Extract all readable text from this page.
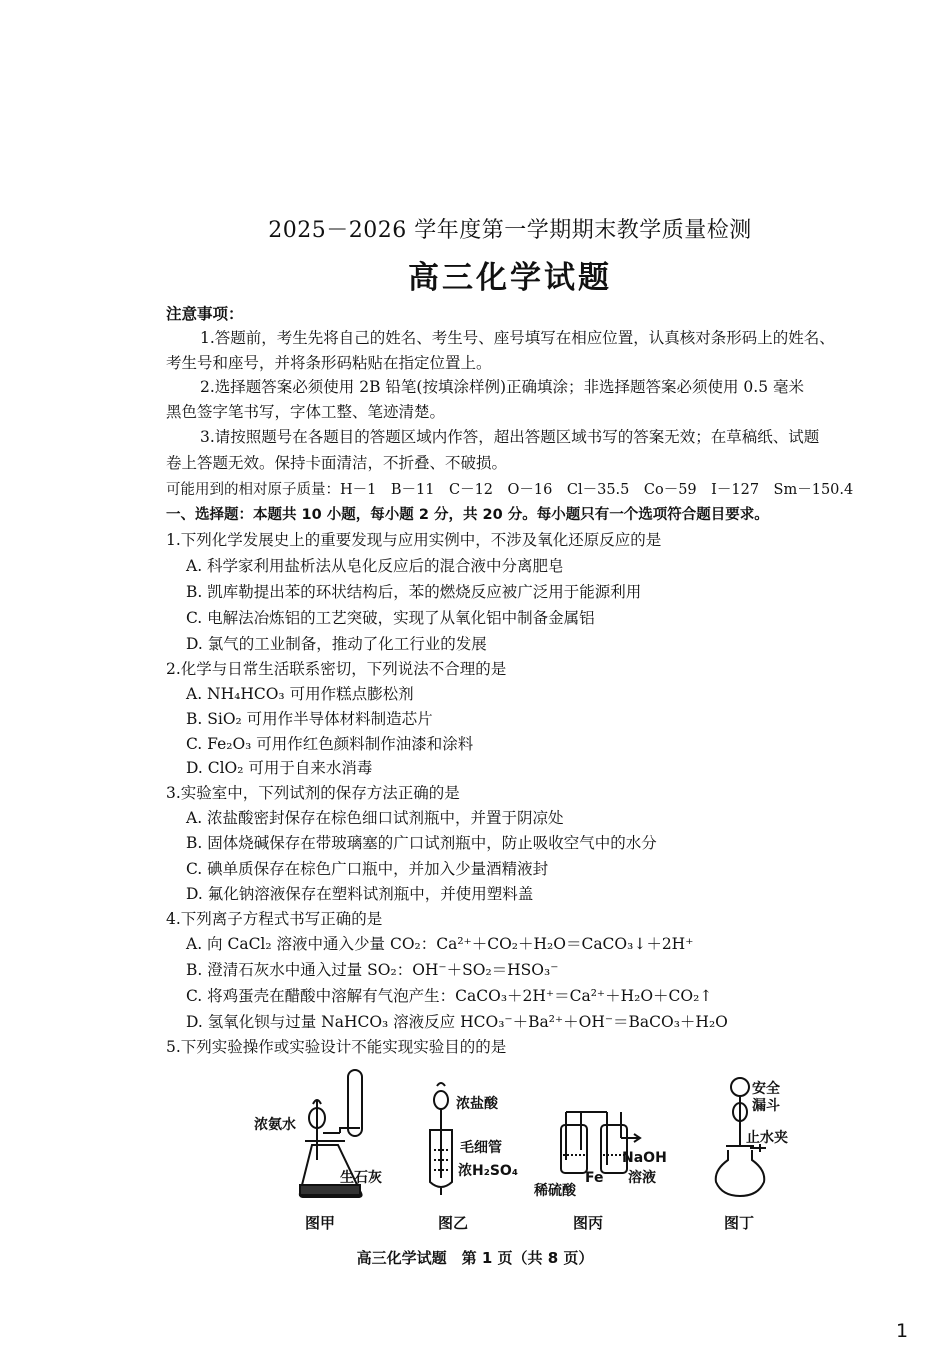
2025－2026 学年度第一学期期末教学质量检测
高三化学试题
注意事项：
1.答题前，考生先将自己的姓名、考生号、座号填写在相应位置，认真核对条形码上的姓名、
考生号和座号，并将条形码粘贴在指定位置上。
2.选择题答案必须使用 2B 铅笔(按填涂样例)正确填涂；非选择题答案必须使用 0.5 毫米
黑色签字笔书写，字体工整、笔迹清楚。
3.请按照题号在各题目的答题区域内作答，超出答题区域书写的答案无效；在草稿纸、试题
卷上答题无效。保持卡面清洁，不折叠、不破损。
可能用到的相对原子质量：H－1　B－11　C－12　O－16　Cl－35.5　Co－59　I－127　Sm－150.4
一、选择题：本题共 10 小题，每小题 2 分，共 20 分。每小题只有一个选项符合题目要求。
1.下列化学发展史上的重要发现与应用实例中，不涉及氧化还原反应的是
A. 科学家利用盐析法从皂化反应后的混合液中分离肥皂
B. 凯库勒提出苯的环状结构后，苯的燃烧反应被广泛用于能源利用
C. 电解法冶炼铝的工艺突破，实现了从氧化铝中制备金属铝
D. 氯气的工业制备，推动了化工行业的发展
2.化学与日常生活联系密切，下列说法不合理的是
A. NH₄HCO₃ 可用作糕点膨松剂
B. SiO₂ 可用作半导体材料制造芯片
C. Fe₂O₃ 可用作红色颜料制作油漆和涂料
D. ClO₂ 可用于自来水消毒
3.实验室中，下列试剂的保存方法正确的是
A. 浓盐酸密封保存在棕色细口试剂瓶中，并置于阴凉处
B. 固体烧碱保存在带玻璃塞的广口试剂瓶中，防止吸收空气中的水分
C. 碘单质保存在棕色广口瓶中，并加入少量酒精液封
D. 氟化钠溶液保存在塑料试剂瓶中，并使用塑料盖
4.下列离子方程式书写正确的是
A. 向 CaCl₂ 溶液中通入少量 CO₂：Ca²⁺＋CO₂＋H₂O＝CaCO₃↓＋2H⁺
B. 澄清石灰水中通入过量 SO₂：OH⁻＋SO₂＝HSO₃⁻
C. 将鸡蛋壳在醋酸中溶解有气泡产生：CaCO₃＋2H⁺＝Ca²⁺＋H₂O＋CO₂↑
D. 氢氧化钡与过量 NaHCO₃ 溶液反应 HCO₃⁻＋Ba²⁺＋OH⁻＝BaCO₃＋H₂O
5.下列实验操作或实验设计不能实现实验目的的是
浓氨水
生石灰
浓盐酸
毛细管
浓H₂SO₄
NaOH
溶液
稀硫酸
Fe
安全
漏斗
止水夹
图甲	图乙	图丙	图丁
高三化学试题　第 1 页（共 8 页）
1
